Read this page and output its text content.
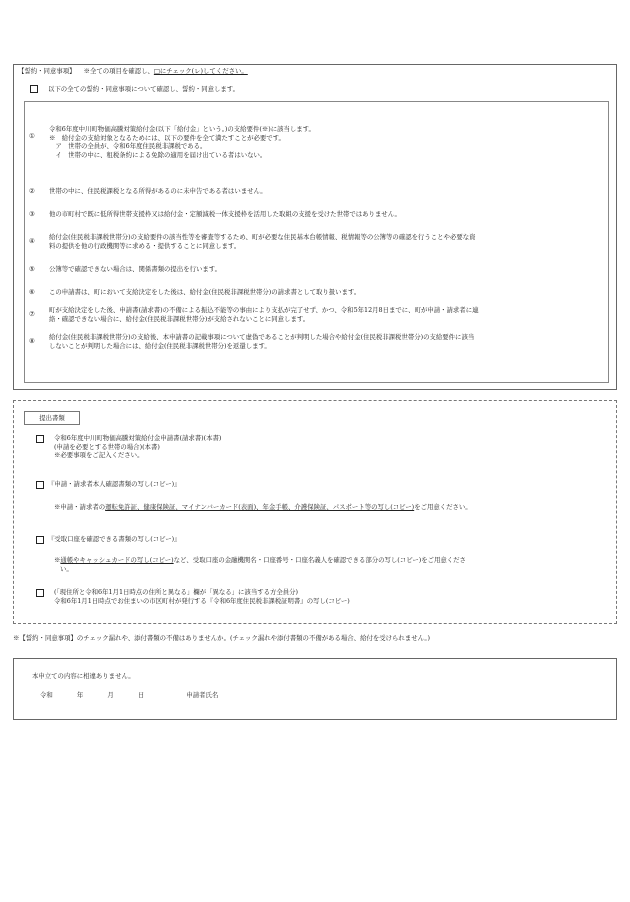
【誓約・同意事項】 ※全ての項目を確認し、□にチェック(レ)してください。
以下の全ての誓約・同意事項について確認し、誓約・同意します。
①
令和6年度中川町物価高騰対策給付金(以下「給付金」という。)の支給要件(※)に該当します。
※　給付金の支給対象となるためには、以下の要件を全て満たすことが必要です。
　ア　世帯の全員が、令和6年度住民税非課税である。
　イ　世帯の中に、租税条約による免除の適用を届け出ている者はいない。
②	世帯の中に、住民税課税となる所得があるのに未申告である者はいません。
③	他の市町村で既に低所得世帯支援枠又は給付金・定額減税一体支援枠を活用した取組の支援を受けた世帯ではありません。
④	給付金(住民税非課税世帯分)の支給要件の該当性等を審査等するため、町が必要な住民基本台帳情報、税情報等の公簿等の確認を行うことや必要な資
料の提供を他の行政機関等に求める・提供することに同意します。
⑤	公簿等で確認できない場合は、関係書類の提出を行います。
⑥	この申請書は、町において支給決定をした後は、給付金(住民税非課税世帯分)の請求書として取り扱います。
⑦	町が支給決定をした後、申請書(請求書)の不備による振込不能等の事由により支払が完了せず、かつ、令和5年12月8日までに、町が申請・請求者に連
絡・確認できない場合に、給付金(住民税非課税世帯分)が支給されないことに同意します。
⑧	給付金(住民税非課税世帯分)の支給後、本申請書の記載事項について虚偽であることが判明した場合や給付金(住民税非課税世帯分)の支給要件に該当
しないことが判明した場合には、給付金(住民税非課税世帯分)を返還します。
提出書類
令和6年度中川町物価高騰対策給付金申請書(請求書)(本書)
(申請を必要とする世帯の場合)(本書)
※必要事項をご記入ください。
『申請・請求者本人確認書類の写し(コピー)』
※申請・請求者の運転免許証、健康保険証、マイナンバーカード(表面)、年金手帳、介護保険証、パスポート等の写し(コピー)をご用意ください。
『受取口座を確認できる書類の写し(コピー)』
※通帳やキャッシュカードの写し(コピー)など、受取口座の金融機関名・口座番号・口座名義人を確認できる部分の写し(コピー)をご用意くださ
い。
(「現住所と令和6年1月1日時点の住所と異なる」欄が「異なる」に該当する方全員分)
令和6年1月1日時点でお住まいの市区町村が発行する『令和6年度住民税非課税証明書』の写し(コピー)
※【誓約・同意事項】のチェック漏れや、添付書類の不備はありませんか。(チェック漏れや添付書類の不備がある場合、給付を受けられません。)
本申立ての内容に相違ありません。
令和	年	月	日	申請者氏名
